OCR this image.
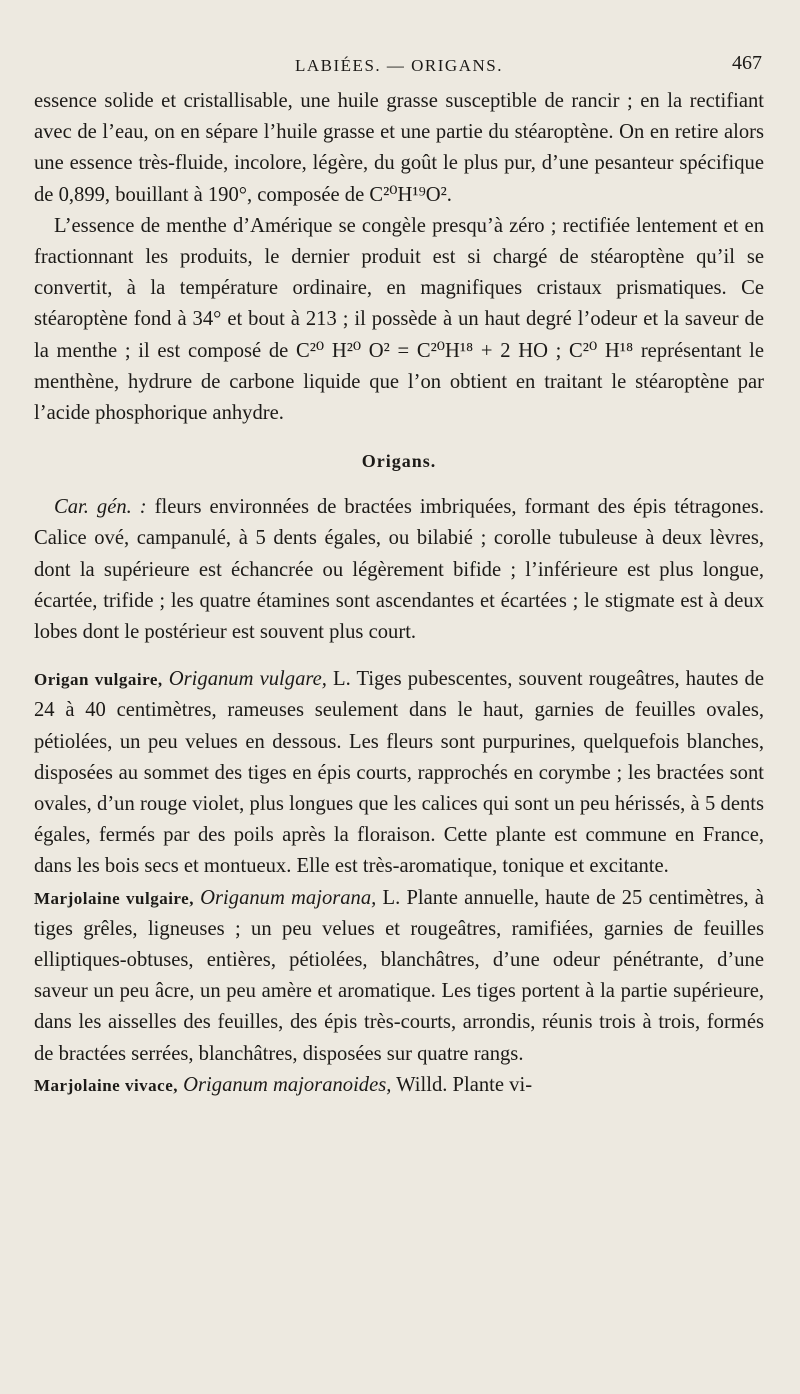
LABIÉES. — ORIGANS.	467

essence solide et cristallisable, une huile grasse susceptible de rancir ; en la rectifiant avec de l’eau, on en sépare l’huile grasse et une partie du stéaroptène. On en retire alors une essence très-fluide, incolore, légère, du goût le plus pur, d’une pesanteur spécifique de 0,899, bouillant à 190°, composée de C²⁰H¹⁹O².

L’essence de menthe d’Amérique se congèle presqu’à zéro ; rectifiée lentement et en fractionnant les produits, le dernier produit est si chargé de stéaroptène qu’il se convertit, à la température ordinaire, en magnifiques cristaux prismatiques. Ce stéaroptène fond à 34° et bout à 213 ; il possède à un haut degré l’odeur et la saveur de la menthe ; il est composé de C²⁰ H²⁰ O² = C²⁰H¹⁸ + 2 HO ; C²⁰ H¹⁸ représentant le menthène, hydrure de carbone liquide que l’on obtient en traitant le stéaroptène par l’acide phosphorique anhydre.

Origans.

Car. gén. : fleurs environnées de bractées imbriquées, formant des épis tétragones. Calice ové, campanulé, à 5 dents égales, ou bilabié ; corolle tubuleuse à deux lèvres, dont la supérieure est échancrée ou légèrement bifide ; l’inférieure est plus longue, écartée, trifide ; les quatre étamines sont ascendantes et écartées ; le stigmate est à deux lobes dont le postérieur est souvent plus court.

Origan vulgaire, Origanum vulgare, L. Tiges pubescentes, souvent rougeâtres, hautes de 24 à 40 centimètres, rameuses seulement dans le haut, garnies de feuilles ovales, pétiolées, un peu velues en dessous. Les fleurs sont purpurines, quelquefois blanches, disposées au sommet des tiges en épis courts, rapprochés en corymbe ; les bractées sont ovales, d’un rouge violet, plus longues que les calices qui sont un peu hérissés, à 5 dents égales, fermés par des poils après la floraison. Cette plante est commune en France, dans les bois secs et montueux. Elle est très-aromatique, tonique et excitante.

Marjolaine vulgaire, Origanum majorana, L. Plante annuelle, haute de 25 centimètres, à tiges grêles, ligneuses ; un peu velues et rougeâtres, ramifiées, garnies de feuilles elliptiques-obtuses, entières, pétiolées, blanchâtres, d’une odeur pénétrante, d’une saveur un peu âcre, un peu amère et aromatique. Les tiges portent à la partie supérieure, dans les aisselles des feuilles, des épis très-courts, arrondis, réunis trois à trois, formés de bractées serrées, blanchâtres, disposées sur quatre rangs.

Marjolaine vivace, Origanum majoranoides, Willd. Plante vi-
